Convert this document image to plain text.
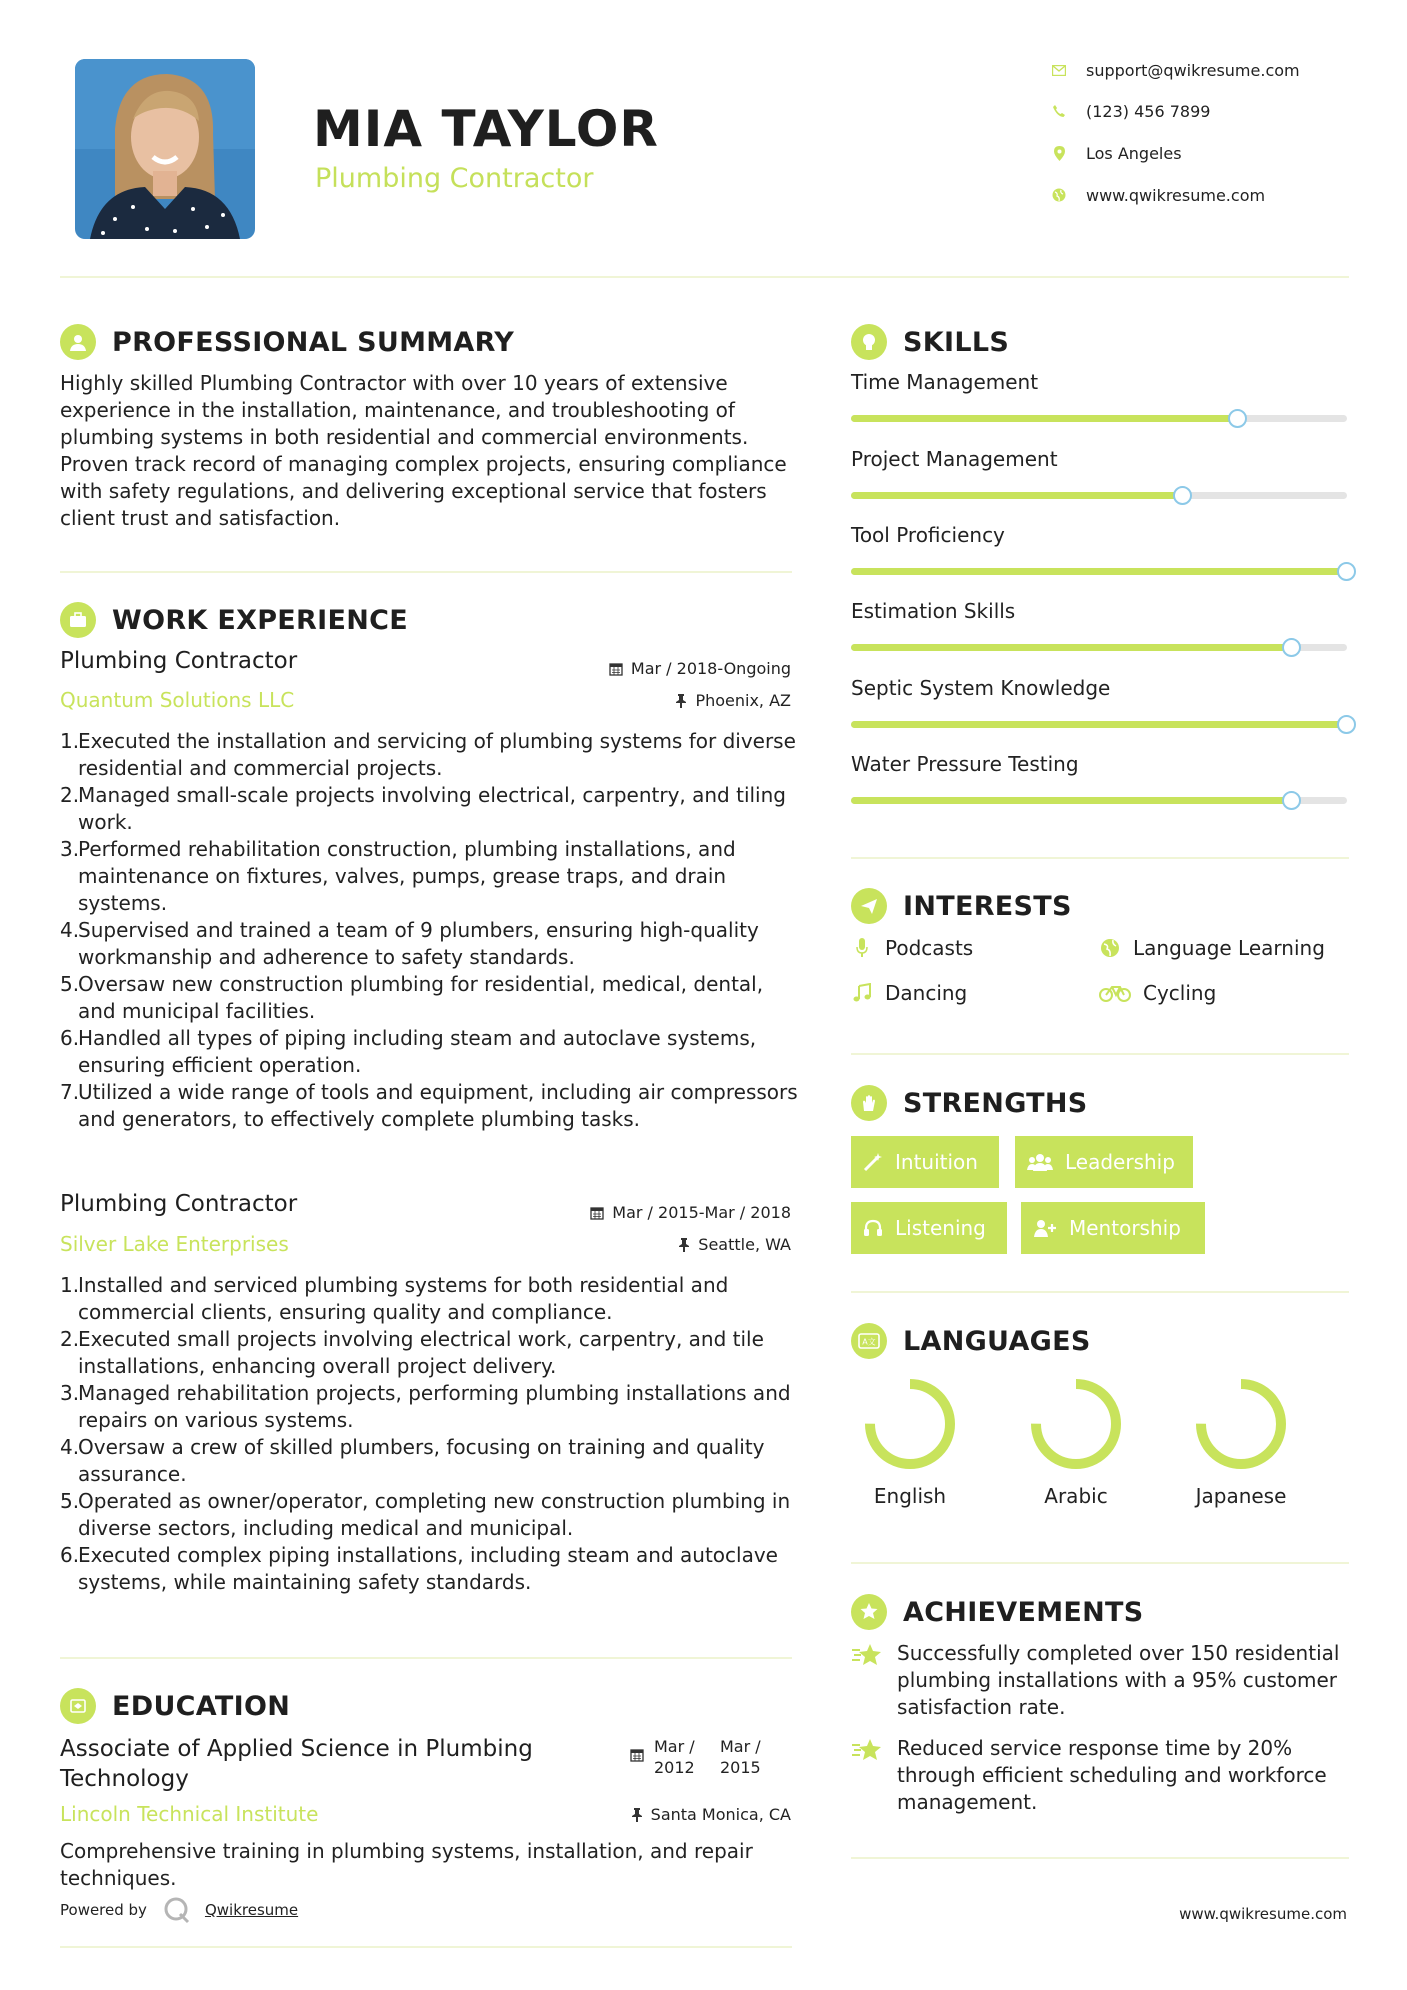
MIA TAYLOR
Plumbing Contractor
support@qwikresume.com
(123) 456 7899
Los Angeles
www.qwikresume.com
PROFESSIONAL SUMMARY
Highly skilled Plumbing Contractor with over 10 years of extensive experience in the installation, maintenance, and troubleshooting of plumbing systems in both residential and commercial environments. Proven track record of managing complex projects, ensuring compliance with safety regulations, and delivering exceptional service that fosters client trust and satisfaction.
WORK EXPERIENCE
Plumbing Contractor	Mar / 2018-Ongoing
Quantum Solutions LLC	Phoenix, AZ
Executed the installation and servicing of plumbing systems for diverse residential and commercial projects.
Managed small-scale projects involving electrical, carpentry, and tiling work.
Performed rehabilitation construction, plumbing installations, and maintenance on fixtures, valves, pumps, grease traps, and drain systems.
Supervised and trained a team of 9 plumbers, ensuring high-quality workmanship and adherence to safety standards.
Oversaw new construction plumbing for residential, medical, dental, and municipal facilities.
Handled all types of piping including steam and autoclave systems, ensuring efficient operation.
Utilized a wide range of tools and equipment, including air compressors and generators, to effectively complete plumbing tasks.
Plumbing Contractor	Mar / 2015-Mar / 2018
Silver Lake Enterprises	Seattle, WA
Installed and serviced plumbing systems for both residential and commercial clients, ensuring quality and compliance.
Executed small projects involving electrical work, carpentry, and tile installations, enhancing overall project delivery.
Managed rehabilitation projects, performing plumbing installations and repairs on various systems.
Oversaw a crew of skilled plumbers, focusing on training and quality assurance.
Operated as owner/operator, completing new construction plumbing in diverse sectors, including medical and municipal.
Executed complex piping installations, including steam and autoclave systems, while maintaining safety standards.
EDUCATION
Associate of Applied Science in Plumbing Technology
Mar / 2012
Mar / 2015
Lincoln Technical Institute	Santa Monica, CA
Comprehensive training in plumbing systems, installation, and repair techniques.
SKILLS
Time Management
Project Management
Tool Proficiency
Estimation Skills
Septic System Knowledge
Water Pressure Testing
INTERESTS
Podcasts	Language Learning
Dancing	Cycling
STRENGTHS
Intuition	Leadership
Listening	Mentorship
A文 LANGUAGES
English	Arabic	Japanese
ACHIEVEMENTS
Successfully completed over 150 residential plumbing installations with a 95% customer satisfaction rate.
Reduced service response time by 20% through efficient scheduling and workforce management.
Powered by	Qwikresume	www.qwikresume.com
